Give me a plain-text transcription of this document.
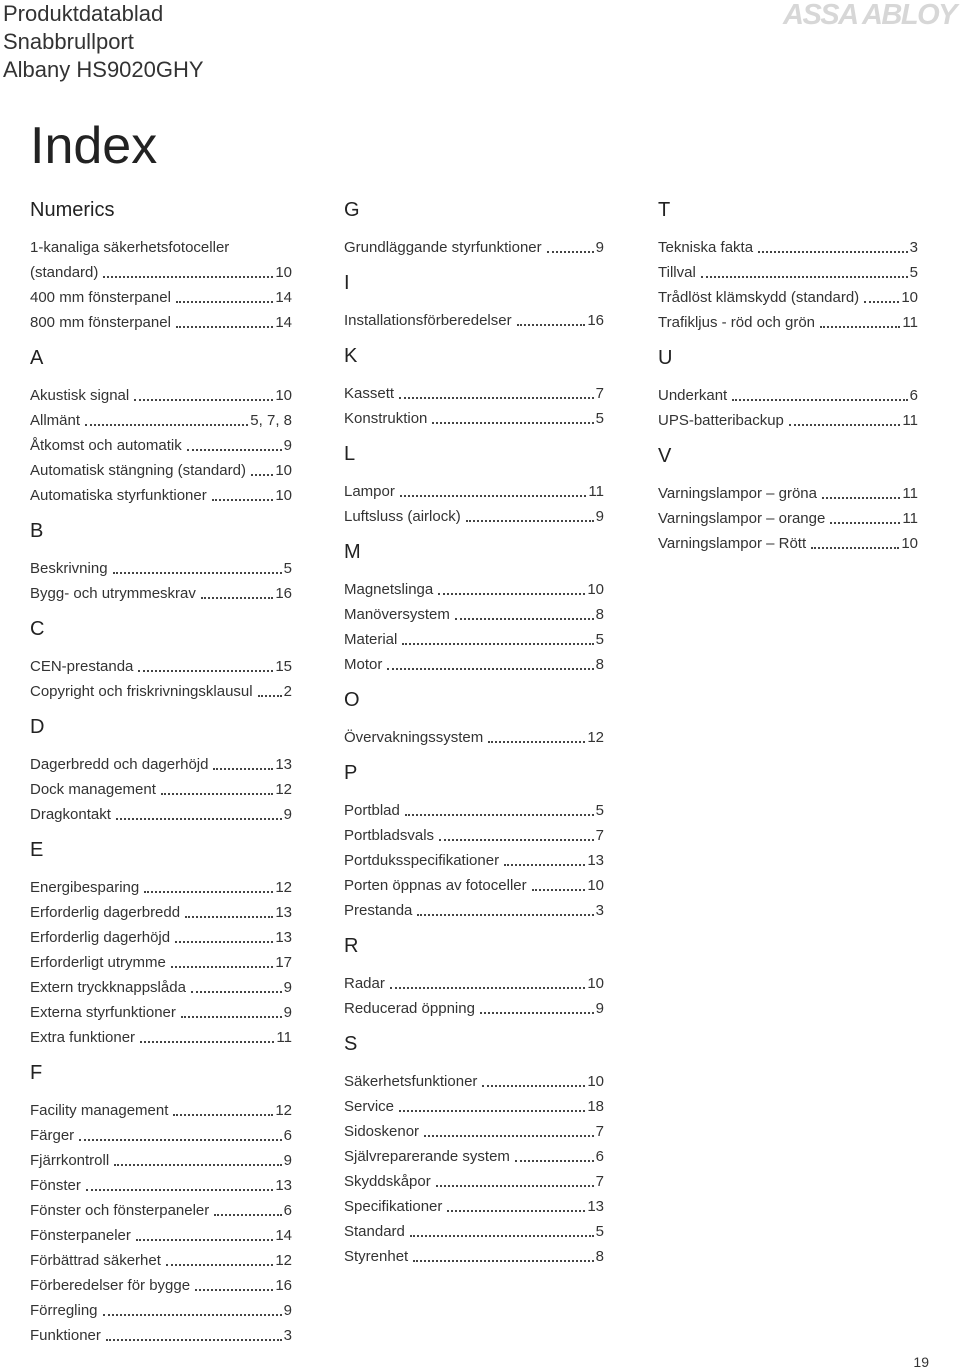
Produktdatablad
Snabbrullport
Albany HS9020GHY
ASSA ABLOY
Index
Numerics
1-kanaliga säkerhetsfotoceller
(standard)	10
400 mm fönsterpanel	14
800 mm fönsterpanel	14
A
Akustisk signal	10
Allmänt	5, 7, 8
Åtkomst och automatik	9
Automatisk stängning (standard) 10
Automatiska styrfunktioner	10
B
Beskrivning	5
Bygg- och utrymmeskrav	16
C
CEN-prestanda	15
Copyright och friskrivningsklausul 2
D
Dagerbredd och dagerhöjd	13
Dock management	12
Dragkontakt	9
E
Energibesparing	12
Erforderlig dagerbredd	13
Erforderlig dagerhöjd	13
Erforderligt utrymme	17
Extern tryckknappslåda	9
Externa styrfunktioner	9
Extra funktioner	11
F
Facility management	12
Färger	6
Fjärrkontroll	9
Fönster	13
Fönster och fönsterpaneler	6
Fönsterpaneler	14
Förbättrad säkerhet	12
Förberedelser för bygge	16
Förregling	9
Funktioner	3
G
Grundläggande styrfunktioner	9
I
Installationsförberedelser	16
K
Kassett	7
Konstruktion	5
L
Lampor	11
Luftsluss (airlock)	9
M
Magnetslinga	10
Manöversystem	8
Material	5
Motor	8
O
Övervakningssystem	12
P
Portblad	5
Portbladsvals	7
Portduksspecifikationer	13
Porten öppnas av fotoceller	10
Prestanda	3
R
Radar	10
Reducerad öppning	9
S
Säkerhetsfunktioner	10
Service	18
Sidoskenor	7
Självreparerande system	6
Skyddskåpor	7
Specifikationer	13
Standard	5
Styrenhet	8
T
Tekniska fakta	3
Tillval	5
Trådlöst klämskydd (standard)	10
Trafikljus - röd och grön	11
U
Underkant	6
UPS-batteribackup	11
V
Varningslampor – gröna	11
Varningslampor – orange	11
Varningslampor – Rött	10
19
